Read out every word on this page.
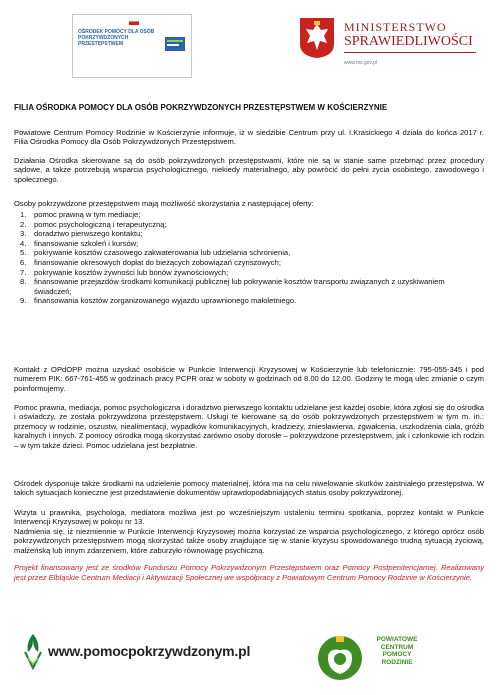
OŚRODEK POMOCY DLA OSÓB POKRZYWDZONYCH PRZESTĘPSTWEM
MINISTERSTWO
SPRAWIEDLIWOŚCI
www.ms.gov.pl
FILIA OŚRODKA POMOCY DLA OSÓB POKRZYWDZONYCH PRZESTĘPSTWEM W KOŚCIERZYNIE
Powiatowe Centrum Pomocy Rodzinie w Kościerzynie informuje, iż w siedzibie Centrum przy ul. I.Krasickiego 4 działa do końca 2017 r. Filia Ośrodka Pomocy dla Osób Pokrzywdzonych Przestępstwem.
Działania Ośrodka skierowane są do osób pokrzywdzonych przestępstwami, które nie są w stanie same przebrnąć przez procedury sądowe, a także potrzebują wsparcia psychologicznego, niekiedy materialnego, aby powrócić do pełni życia osobistego, zawodowego i społecznego.
Osoby pokrzywdzone przestępstwem mają możliwość skorzystania z następującej oferty:
1. pomoc prawną w tym mediacje;
2. pomoc psychologiczną i terapeutyczną;
3. doradztwo pierwszego kontaktu;
4. finansowanie szkoleń i kursów;
5. pokrywanie kosztów czasowego zakwaterowania lub udzielania schronienia,
6. finansowanie okresowych dopłat do bieżących zobowiązań czynszowych;
7. pokrywanie kosztów żywności lub bonów żywnościowych;
8. finansowanie przejazdów środkami komunikacji publicznej lub pokrywanie kosztów transportu związanych z uzyskiwaniem świadczeń;
9. finansowania kosztów zorganizowanego wyjazdu uprawnionego małoletniego.
Kontakt z OPdOPP można uzyskać osobiście w Punkcie Interwencji Kryzysowej w Kościerzynie lub telefonicznie: 795-055-345 i pod numerem PIK: 667-761-455 w godzinach pracy PCPR oraz w soboty w godzinach od 8.00 do 12.00. Godziny te mogą ulec zmianie o czym poinformujemy.
Pomoc prawna, mediacja, pomoc psychologiczna i doradztwo pierwszego kontaktu udzielane jest każdej osobie, która zgłosi się do ośrodka i oświadczy, że została pokrzywdzona przestępstwem. Usługi te kierowane są do osób pokrzywdzonych przestępstwem w tym m. in.: przemocy w rodzinie, oszustw, niealimentacji, wypadków komunikacyjnych, kradzieży, zniesławienia, zgwałcenia, uszkodzenia ciała, gróźb karalnych i innych. Z pomocy ośrodka mogą skorzystać zarówno osoby dorosłe – pokrzywdzone przestępstwem, jak i członkowie ich rodzin – w tym także dzieci. Pomoc udzielana jest bezpłatnie.
Ośrodek dysponuje także środkami na udzielenie pomocy materialnej, która ma na celu niwelowanie skutków zaistniałego przestępstwa. W takich sytuacjach konieczne jest przedstawienie dokumentów uprawdopodabniających status osoby pokrzywdzonej.
Wizyta u prawnika, psychologa, mediatora możliwa jest po wcześniejszym ustaleniu terminu spotkania, poprzez kontakt w Punkcie Interwencji Kryzysowej w pokoju nr 13.
Nadmienia się, iż niezmiennie w Punkcie Interwencji Kryzysowej można korzystać ze wsparcia psychologicznego, z którego oprócz osób pokrzywdzonych przestępstwem mogą skorzystać także osoby znajdujące się w stanie kryzysu spowodowanego trudną sytuacją życiową, małżeńską lub innym zdarzeniem, które zaburzyło równowagę psychiczną.
Projekt finansowany jest ze środków Funduszu Pomocy Pokrzywdzonym Przestępstwem oraz Pomocy Postpenitencjarnej. Realizowany jest przez Elbląskie Centrum Mediacji i Aktywizacji Społecznej we współpracy z Powiatowym Centrum Pomocy Rodzinie w Kościerzynie.
www.pomocpokrzywdzonym.pl
POWIATOWE CENTRUM POMOCY RODZINIE
